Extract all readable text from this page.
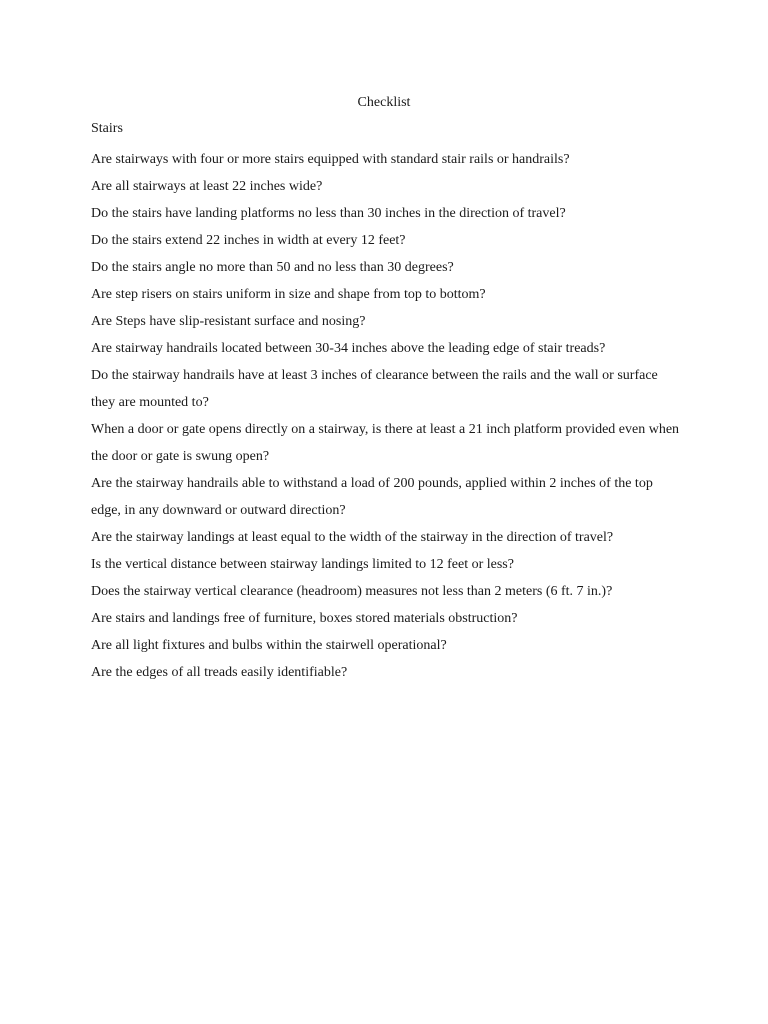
Checklist
Stairs
Are stairways with four or more stairs equipped with standard stair rails or handrails?
Are all stairways at least 22 inches wide?
Do the stairs have landing platforms no less than 30 inches in the direction of travel?
Do the stairs extend 22 inches in width at every 12 feet?
Do the stairs angle no more than 50 and no less than 30 degrees?
Are step risers on stairs uniform in size and shape from top to bottom?
Are Steps have slip-resistant surface and nosing?
Are stairway handrails located between 30-34 inches above the leading edge of stair treads?
Do the stairway handrails have at least 3 inches of clearance between the rails and the wall or surface they are mounted to?
When a door or gate opens directly on a stairway, is there at least a 21 inch platform provided even when the door or gate is swung open?
Are the stairway handrails able to withstand a load of 200 pounds, applied within 2 inches of the top edge, in any downward or outward direction?
Are the stairway landings at least equal to the width of the stairway in the direction of travel?
Is the vertical distance between stairway landings limited to 12 feet or less?
Does the stairway vertical clearance (headroom) measures not less than 2 meters (6 ft. 7 in.)?
Are stairs and landings free of furniture, boxes stored materials obstruction?
Are all light fixtures and bulbs within the stairwell operational?
Are the edges of all treads easily identifiable?
